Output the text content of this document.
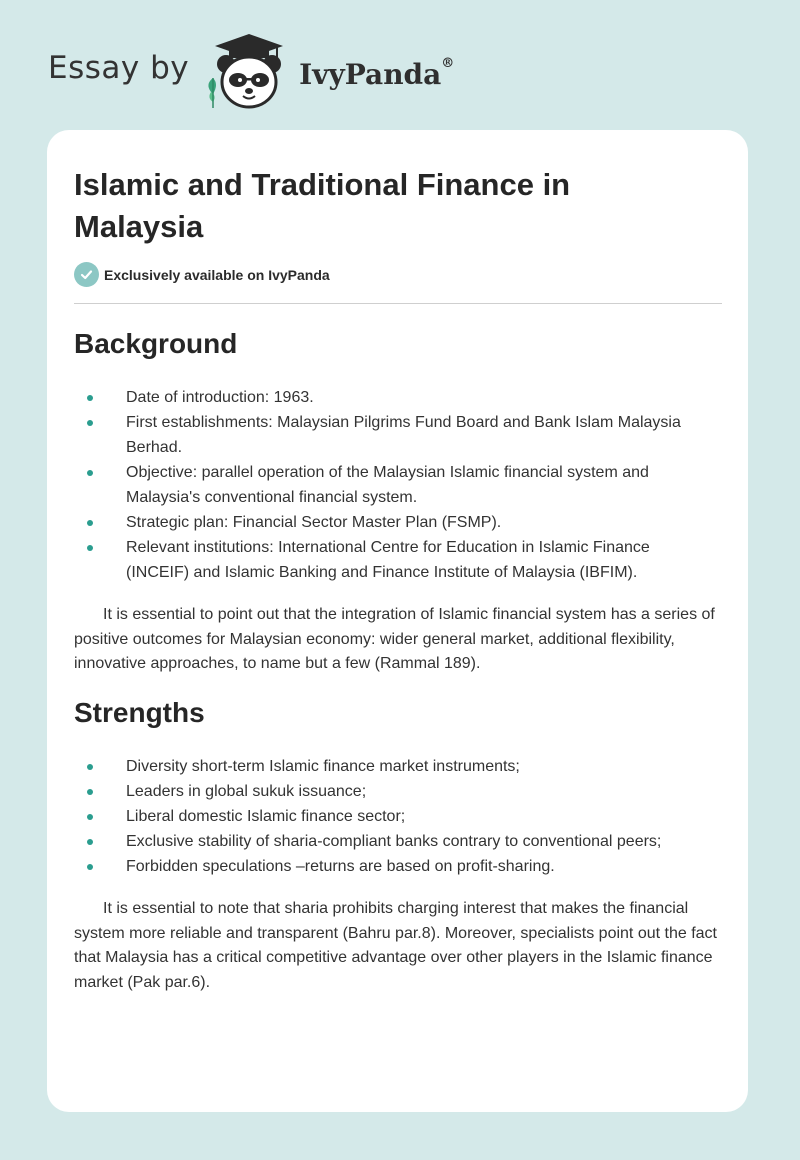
Essay by	IvyPanda®
Islamic and Traditional Finance in Malaysia
Exclusively available on IvyPanda
Background
Date of introduction: 1963.
First establishments: Malaysian Pilgrims Fund Board and Bank Islam Malaysia Berhad.
Objective: parallel operation of the Malaysian Islamic financial system and Malaysia's conventional financial system.
Strategic plan: Financial Sector Master Plan (FSMP).
Relevant institutions: International Centre for Education in Islamic Finance (INCEIF) and Islamic Banking and Finance Institute of Malaysia (IBFIM).

It is essential to point out that the integration of Islamic financial system has a series of positive outcomes for Malaysian economy: wider general market, additional flexibility, innovative approaches, to name but a few (Rammal 189).

Strengths
Diversity short-term Islamic finance market instruments;
Leaders in global sukuk issuance;
Liberal domestic Islamic finance sector;
Exclusive stability of sharia-compliant banks contrary to conventional peers;
Forbidden speculations –returns are based on profit-sharing.

It is essential to note that sharia prohibits charging interest that makes the financial system more reliable and transparent (Bahru par.8). Moreover, specialists point out the fact that Malaysia has a critical competitive advantage over other players in the Islamic finance market (Pak par.6).
